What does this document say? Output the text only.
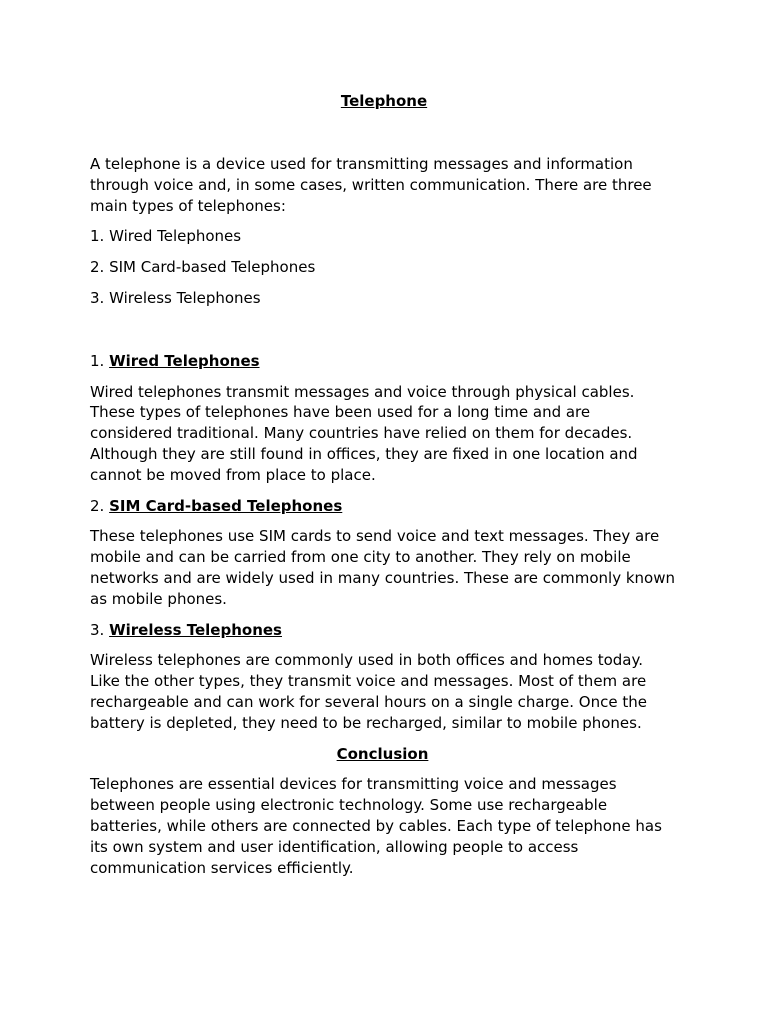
Telephone

A telephone is a device used for transmitting messages and information through voice and, in some cases, written communication. There are three main types of telephones:

1. Wired Telephones

2. SIM Card-based Telephones

3. Wireless Telephones

1. Wired Telephones

Wired telephones transmit messages and voice through physical cables. These types of telephones have been used for a long time and are considered traditional. Many countries have relied on them for decades. Although they are still found in offices, they are fixed in one location and cannot be moved from place to place.

2. SIM Card-based Telephones

These telephones use SIM cards to send voice and text messages. They are mobile and can be carried from one city to another. They rely on mobile networks and are widely used in many countries. These are commonly known as mobile phones.

3. Wireless Telephones

Wireless telephones are commonly used in both offices and homes today. Like the other types, they transmit voice and messages. Most of them are rechargeable and can work for several hours on a single charge. Once the battery is depleted, they need to be recharged, similar to mobile phones.

Conclusion

Telephones are essential devices for transmitting voice and messages between people using electronic technology. Some use rechargeable batteries, while others are connected by cables. Each type of telephone has its own system and user identification, allowing people to access communication services efficiently.
